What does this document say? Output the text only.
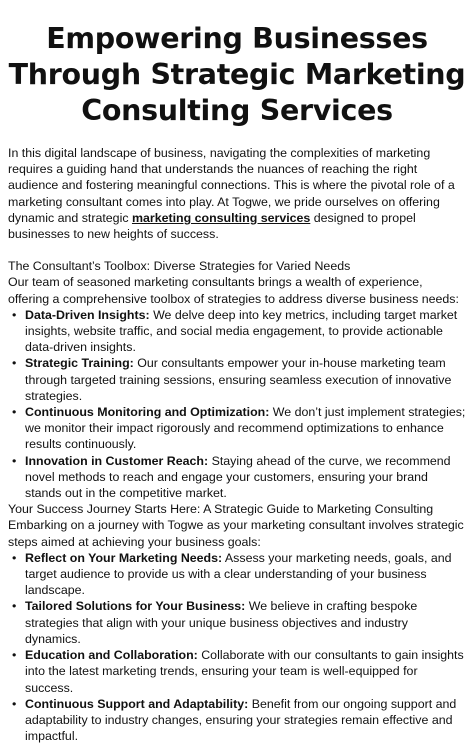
Empowering Businesses Through Strategic Marketing Consulting Services

In this digital landscape of business, navigating the complexities of marketing requires a guiding hand that understands the nuances of reaching the right audience and fostering meaningful connections. This is where the pivotal role of a marketing consultant comes into play. At Togwe, we pride ourselves on offering dynamic and strategic marketing consulting services designed to propel businesses to new heights of success.

The Consultant’s Toolbox: Diverse Strategies for Varied Needs

Our team of seasoned marketing consultants brings a wealth of experience, offering a comprehensive toolbox of strategies to address diverse business needs:

• Data-Driven Insights: We delve deep into key metrics, including target market insights, website traffic, and social media engagement, to provide actionable data-driven insights.
• Strategic Training: Our consultants empower your in-house marketing team through targeted training sessions, ensuring seamless execution of innovative strategies.
• Continuous Monitoring and Optimization: We don’t just implement strategies; we monitor their impact rigorously and recommend optimizations to enhance results continuously.
• Innovation in Customer Reach: Staying ahead of the curve, we recommend novel methods to reach and engage your customers, ensuring your brand stands out in the competitive market.
Your Success Journey Starts Here: A Strategic Guide to Marketing Consulting

Embarking on a journey with Togwe as your marketing consultant involves strategic steps aimed at achieving your business goals:

• Reflect on Your Marketing Needs: Assess your marketing needs, goals, and target audience to provide us with a clear understanding of your business landscape.
• Tailored Solutions for Your Business: We believe in crafting bespoke strategies that align with your unique business objectives and industry dynamics.
• Education and Collaboration: Collaborate with our consultants to gain insights into the latest marketing trends, ensuring your team is well-equipped for success.
• Continuous Support and Adaptability: Benefit from our ongoing support and adaptability to industry changes, ensuring your strategies remain effective and impactful.
